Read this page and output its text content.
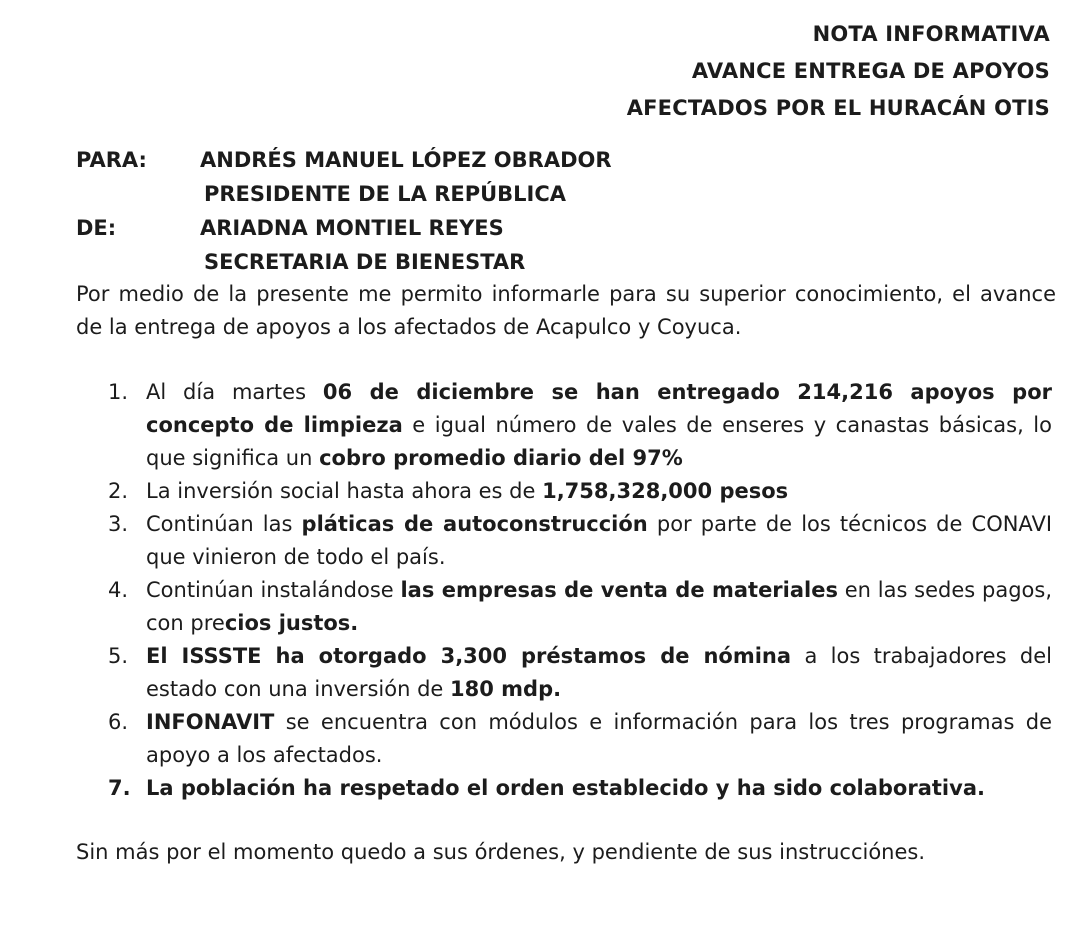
NOTA INFORMATIVA
AVANCE ENTREGA DE APOYOS
AFECTADOS POR EL HURACÁN OTIS
PARA:	ANDRÉS MANUEL LÓPEZ OBRADOR
PRESIDENTE DE LA REPÚBLICA
DE:	ARIADNA MONTIEL REYES
SECRETARIA DE BIENESTAR
Por medio de la presente me permito informarle para su superior conocimiento, el avance de la entrega de apoyos a los afectados de Acapulco y Coyuca.
1. Al día martes 06 de diciembre se han entregado 214,216 apoyos por concepto de limpieza e igual número de vales de enseres y canastas básicas, lo que significa un cobro promedio diario del 97%
2. La inversión social hasta ahora es de 1,758,328,000 pesos
3. Continúan las pláticas de autoconstrucción por parte de los técnicos de CONAVI que vinieron de todo el país.
4. Continúan instalándose las empresas de venta de materiales en las sedes pagos, con precios justos.
5. El ISSSTE ha otorgado 3,300 préstamos de nómina a los trabajadores del estado con una inversión de 180 mdp.
6. INFONAVIT se encuentra con módulos e información para los tres programas de apoyo a los afectados.
7. La población ha respetado el orden establecido y ha sido colaborativa.
Sin más por el momento quedo a sus órdenes, y pendiente de sus instrucciónes.
